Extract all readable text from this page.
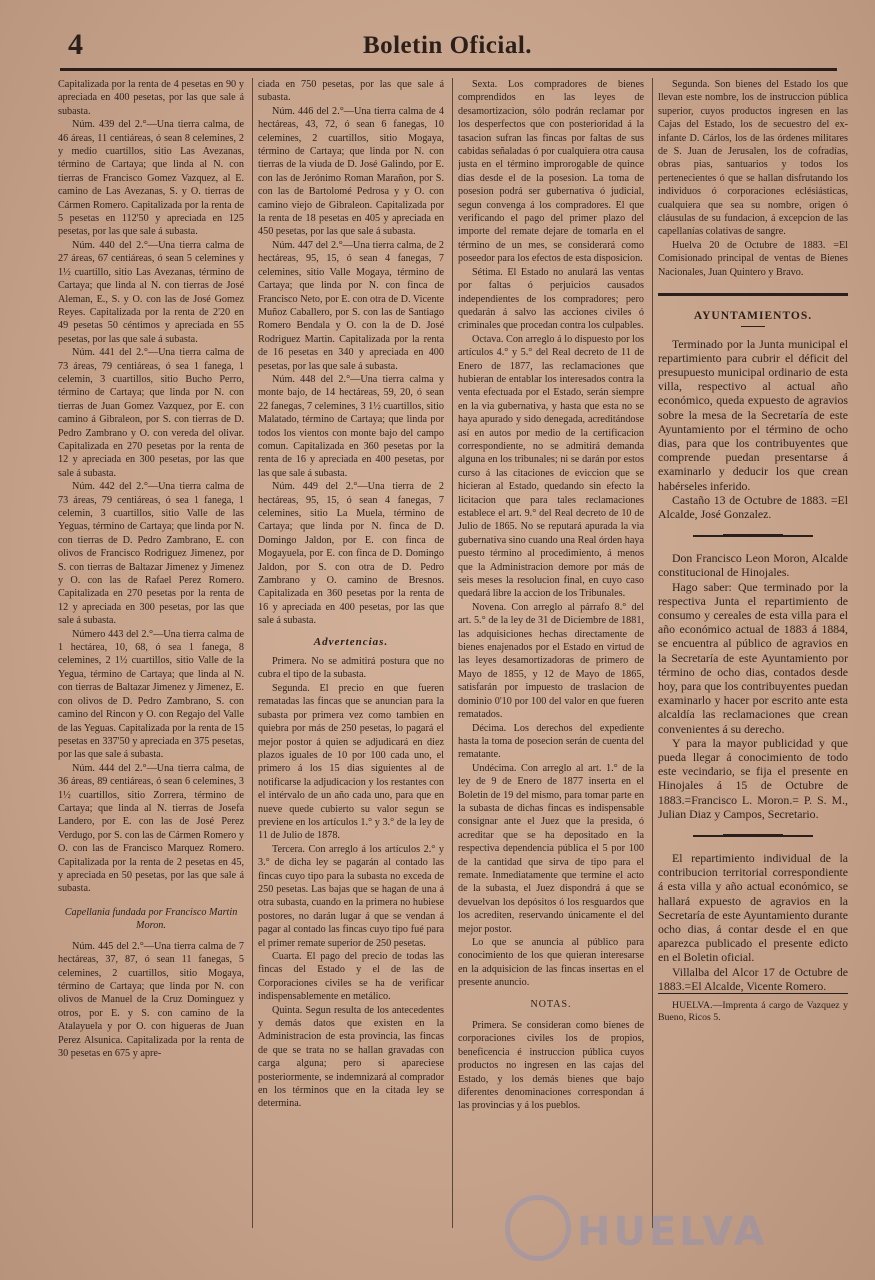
4	Boletin Oficial.

Capitalizada por la renta de 4 pesetas en 90 y apreciada en 400 pesetas, por las que sale á subasta.

Núm. 439 del 2.°—Una tierra calma, de 46 áreas, 11 centiáreas, ó sean 8 celemines, 2 y medio cuartillos, sitio Las Avezanas, término de Cartaya; que linda al N. con tierras de Francisco Gomez Vazquez, al E. camino de Las Avezanas, S. y O. tierras de Cármen Romero. Capitalizada por la renta de 5 pesetas en 112'50 y apreciada en 125 pesetas, por las que sale á subasta.

Núm. 440 del 2.°—Una tierra calma de 27 áreas, 67 centiáreas, ó sean 5 celemines y 1½ cuartillo, sitio Las Avezanas, término de Cartaya; que linda al N. con tierras de José Aleman, E., S. y O. con las de José Gomez Reyes. Capitalizada por la renta de 2'20 en 49 pesetas 50 céntimos y apreciada en 55 pesetas, por las que sale á subasta.

Núm. 441 del 2.°—Una tierra calma de 73 áreas, 79 centiáreas, ó sea 1 fanega, 1 celemin, 3 cuartillos, sitio Bucho Perro, término de Cartaya; que linda por N. con tierras de Juan Gomez Vazquez, por E. con camino á Gibraleon, por S. con tierras de D. Pedro Zambrano y O. con vereda del olivar. Capitalizada en 270 pesetas por la renta de 12 y apreciada en 300 pesetas, por las que sale á subasta.

Núm. 442 del 2.°—Una tierra calma de 73 áreas, 79 centiáreas, ó sea 1 fanega, 1 celemin, 3 cuartillos, sitio Valle de las Yeguas, término de Cartaya; que linda por N. con tierras de D. Pedro Zambrano, E. con olivos de Francisco Rodriguez Jimenez, por S. con tierras de Baltazar Jimenez y Jimenez y O. con las de Rafael Perez Romero. Capitalizada en 270 pesetas por la renta de 12 y apreciada en 300 pesetas, por las que sale á subasta.

Número 443 del 2.°—Una tierra calma de 1 hectárea, 10, 68, ó sea 1 fanega, 8 celemines, 2 1½ cuartillos, sitio Valle de la Yegua, término de Cartaya; que linda al N. con tierras de Baltazar Jimenez y Jimenez, E. con olivos de D. Pedro Zambrano, S. con camino del Rincon y O. con Regajo del Valle de las Yeguas. Capitalizada por la renta de 15 pesetas en 337'50 y apreciada en 375 pesetas, por las que sale á subasta.

Núm. 444 del 2.°—Una tierra calma, de 36 áreas, 89 centiáreas, ó sean 6 celemines, 3 1½ cuartillos, sitio Zorrera, término de Cartaya; que linda al N. tierras de Josefa Landero, por E. con las de José Perez Verdugo, por S. con las de Cármen Romero y O. con las de Francisco Marquez Romero. Capitalizada por la renta de 2 pesetas en 45, y apreciada en 50 pesetas, por las que sale á subasta.

Capellania fundada por Francisco Martin Moron.

Núm. 445 del 2.°—Una tierra calma de 7 hectáreas, 37, 87, ó sean 11 fanegas, 5 celemines, 2 cuartillos, sitio Mogaya, término de Cartaya; que linda por N. con olivos de Manuel de la Cruz Dominguez y otros, por E. y S. con camino de la Atalayuela y por O. con higueras de Juan Perez Alsunica. Capitalizada por la renta de 30 pesetas en 675 y apre-

ciada en 750 pesetas, por las que sale á subasta.

Núm. 446 del 2.°—Una tierra calma de 4 hectáreas, 43, 72, ó sean 6 fanegas, 10 celemines, 2 cuartillos, sitio Mogaya, término de Cartaya; que linda por N. con tierras de la viuda de D. José Galindo, por E. con las de Jerónimo Roman Marañon, por S. con las de Bartolomé Pedrosa y y O. con camino viejo de Gibraleon. Capitalizada por la renta de 18 pesetas en 405 y apreciada en 450 pesetas, por las que sale á subasta.

Núm. 447 del 2.°—Una tierra calma, de 2 hectáreas, 95, 15, ó sean 4 fanegas, 7 celemines, sitio Valle Mogaya, término de Cartaya; que linda por N. con finca de Francisco Neto, por E. con otra de D. Vicente Muñoz Caballero, por S. con las de Santiago Romero Bendala y O. con la de D. José Rodriguez Martin. Capitalizada por la renta de 16 pesetas en 340 y apreciada en 400 pesetas, por las que sale á subasta.

Núm. 448 del 2.°—Una tierra calma y monte bajo, de 14 hectáreas, 59, 20, ó sean 22 fanegas, 7 celemines, 3 1½ cuartillos, sitio Malatado, término de Cartaya; que linda por todos los vientos con monte bajo del campo comun. Capitalizada en 360 pesetas por la renta de 16 y apreciada en 400 pesetas, por las que sale á subasta.

Núm. 449 del 2.°—Una tierra de 2 hectáreas, 95, 15, ó sean 4 fanegas, 7 celemines, sitio La Muela, término de Cartaya; que linda por N. finca de D. Domingo Jaldon, por E. con finca de Mogayuela, por E. con finca de D. Domingo Jaldon, por S. con otra de D. Pedro Zambrano y O. camino de Bresnos. Capitalizada en 360 pesetas por la renta de 16 y apreciada en 400 pesetas, por las que sale á subasta.

Advertencias.

Primera. No se admitirá postura que no cubra el tipo de la subasta.

Segunda. El precio en que fueren rematadas las fincas que se anuncian para la subasta por primera vez como tambien en quiebra por más de 250 pesetas, lo pagará el mejor postor á quien se adjudicará en diez plazos iguales de 10 por 100 cada uno, el primero á los 15 dias siguientes al de notificarse la adjudicacion y los restantes con el intérvalo de un año cada uno, para que en nueve quede cubierto su valor segun se previene en los artículos 1.° y 3.° de la ley de 11 de Julio de 1878.

Tercera. Con arreglo á los artículos 2.° y 3.° de dicha ley se pagarán al contado las fincas cuyo tipo para la subasta no exceda de 250 pesetas. Las bajas que se hagan de una á otra subasta, cuando en la primera no hubiese postores, no darán lugar á que se vendan á pagar al contado las fincas cuyo tipo fué para el primer remate superior de 250 pesetas.

Cuarta. El pago del precio de todas las fincas del Estado y el de las de Corporaciones civiles se ha de verificar indispensablemente en metálico.

Quinta. Segun resulta de los antecedentes y demás datos que existen en la Administracion de esta provincia, las fincas de que se trata no se hallan gravadas con carga alguna; pero si apareciese posteriormente, se indemnizará al comprador en los términos que en la citada ley se determina.

Sexta. Los compradores de bienes comprendidos en las leyes de desamortizacion, sólo podrán reclamar por los desperfectos que con posterioridad á la tasacion sufran las fincas por faltas de sus cabidas señaladas ó por cualquiera otra causa justa en el término improrogable de quince dias desde el de la posesion. La toma de posesion podrá ser gubernativa ó judicial, segun convenga á los compradores. El que verificando el pago del primer plazo del importe del remate dejare de tomarla en el término de un mes, se considerará como poseedor para los efectos de esta disposicion.

Sétima. El Estado no anulará las ventas por faltas ó perjuicios causados independientes de los compradores; pero quedarán á salvo las acciones civiles ó criminales que procedan contra los culpables.

Octava. Con arreglo á lo dispuesto por los artículos 4.° y 5.° del Real decreto de 11 de Enero de 1877, las reclamaciones que hubieran de entablar los interesados contra la venta efectuada por el Estado, serán siempre en la via gubernativa, y hasta que esta no se haya apurado y sido denegada, acreditándose así en autos por medio de la certificacion correspondiente, no se admitirá demanda alguna en los tribunales; ni se darán por estos curso á las citaciones de eviccion que se hicieran al Estado, quedando sin efecto la licitacion que para tales reclamaciones establece el art. 9.° del Real decreto de 10 de Julio de 1865. No se reputará apurada la via gubernativa sino cuando una Real órden haya puesto término al procedimiento, á menos que la Administracion demore por más de seis meses la resolucion final, en cuyo caso quedará libre la accion de los Tribunales.

Novena. Con arreglo al párrafo 8.° del art. 5.° de la ley de 31 de Diciembre de 1881, las adquisiciones hechas directamente de bienes enajenados por el Estado en virtud de las leyes desamortizadoras de primero de Mayo de 1855, y 12 de Mayo de 1865, satisfarán por impuesto de traslacion de dominio 0'10 por 100 del valor en que fueren rematados.

Décima. Los derechos del expediente hasta la toma de posecion serán de cuenta del rematante.

Undécima. Con arreglo al art. 1.° de la ley de 9 de Enero de 1877 inserta en el Boletin de 19 del mismo, para tomar parte en la subasta de dichas fincas es indispensable consignar ante el Juez que la presida, ó acreditar que se ha depositado en la respectiva dependencia pública el 5 por 100 de la cantidad que sirva de tipo para el remate. Inmediatamente que termine el acto de la subasta, el Juez dispondrá á que se devuelvan los depósitos ó los resguardos que los acrediten, reservando únicamente el del mejor postor.

Lo que se anuncia al público para conocimiento de los que quieran interesarse en la adquisicion de las fincas insertas en el presente anuncio.

NOTAS.

Primera. Se consideran como bienes de corporaciones civiles los de propios, beneficencia é instruccion pública cuyos productos no ingresen en las cajas del Estado, y los demás bienes que bajo diferentes denominaciones correspondan á las provincias y á los pueblos.

Segunda. Son bienes del Estado los que llevan este nombre, los de instruccion pública superior, cuyos productos ingresen en las Cajas del Estado, los de secuestro del ex-infante D. Cárlos, los de las órdenes militares de S. Juan de Jerusalen, los de cofradías, obras pias, santuarios y todos los pertenecientes ó que se hallan disfrutando los individuos ó corporaciones eclésiásticas, cualquiera que sea su nombre, origen ó cláusulas de su fundacion, á excepcion de las capellanías colativas de sangre.

Huelva 20 de Octubre de 1883. =El Comisionado principal de ventas de Bienes Nacionales, Juan Quintero y Bravo.

AYUNTAMIENTOS.

Terminado por la Junta municipal el repartimiento para cubrir el déficit del presupuesto municipal ordinario de esta villa, respectivo al actual año económico, queda expuesto de agravios sobre la mesa de la Secretaría de este Ayuntamiento por el término de ocho dias, para que los contribuyentes que comprende puedan presentarse á examinarlo y deducir los que crean habérseles inferido.

Castaño 13 de Octubre de 1883. =El Alcalde, José Gonzalez.

Don Francisco Leon Moron, Alcalde constitucional de Hinojales.

Hago saber: Que terminado por la respectiva Junta el repartimiento de consumo y cereales de esta villa para el año económico actual de 1883 á 1884, se encuentra al público de agravios en la Secretaría de este Ayuntamiento por término de ocho dias, contados desde hoy, para que los contribuyentes puedan examinarlo y hacer por escrito ante esta alcaldía las reclamaciones que crean convenientes á su derecho.

Y para la mayor publicidad y que pueda llegar á conocimiento de todo este vecindario, se fija el presente en Hinojales á 15 de Octubre de 1883.=Francisco L. Moron.= P. S. M., Julian Diaz y Campos, Secretario.

El repartimiento individual de la contribucion territorial correspondiente á esta villa y año actual económico, se hallará expuesto de agravios en la Secretaría de este Ayuntamiento durante ocho dias, á contar desde el en que aparezca publicado el presente edicto en el Boletin oficial.

Villalba del Alcor 17 de Octubre de 1883.=El Alcalde, Vicente Romero.

HUELVA.—Imprenta á cargo de Vazquez y Bueno, Ricos 5.

HUELVA
